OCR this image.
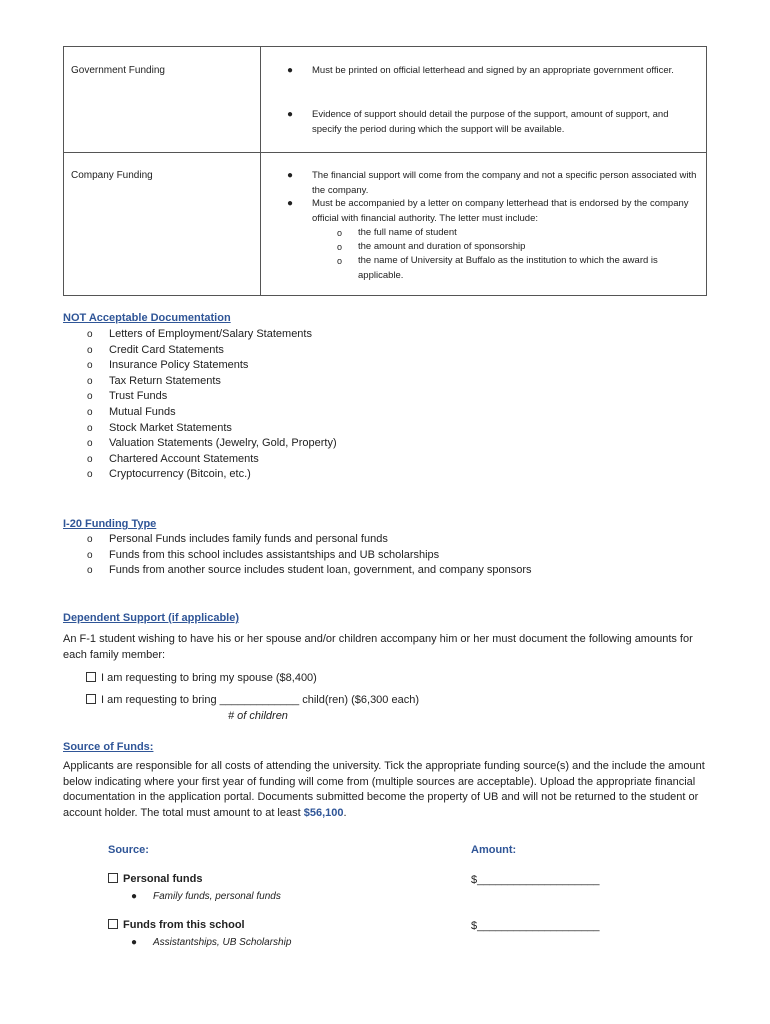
Government Funding	● Must be printed on official letterhead and signed by an appropriate government officer.
● Evidence of support should detail the purpose of the support, amount of support, and specify the period during which the support will be available.
Company Funding	● The financial support will come from the company and not a specific person associated with the company.
● Must be accompanied by a letter on company letterhead that is endorsed by the company official with financial authority. The letter must include:
o the full name of student
o the amount and duration of sponsorship
o the name of University at Buffalo as the institution to which the award is applicable.
NOT Acceptable Documentation
o Letters of Employment/Salary Statements
o Credit Card Statements
o Insurance Policy Statements
o Tax Return Statements
o Trust Funds
o Mutual Funds
o Stock Market Statements
o Valuation Statements (Jewelry, Gold, Property)
o Chartered Account Statements
o Cryptocurrency (Bitcoin, etc.)
I-20 Funding Type
o Personal Funds includes family funds and personal funds
o Funds from this school includes assistantships and UB scholarships
o Funds from another source includes student loan, government, and company sponsors
Dependent Support (if applicable)
An F-1 student wishing to have his or her spouse and/or children accompany him or her must document the following amounts for each family member:
I am requesting to bring my spouse ($8,400)
I am requesting to bring _____________ child(ren) ($6,300 each)
# of children
Source of Funds:
Applicants are responsible for all costs of attending the university. Tick the appropriate funding source(s) and the include the amount below indicating where your first year of funding will come from (multiple sources are acceptable). Upload the appropriate financial documentation in the application portal. Documents submitted become the property of UB and will not be returned to the student or account holder. The total must amount to at least $56,100.
Source:	Amount:
Personal funds	$____________________
● Family funds, personal funds
Funds from this school	$____________________
● Assistantships, UB Scholarship
